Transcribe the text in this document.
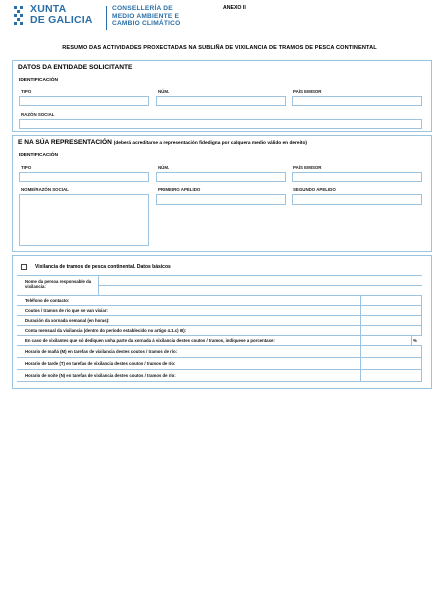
XUNTA
DE GALICIA
CONSELLERÍA DE
MEDIO AMBIENTE E
CAMBIO CLIMÁTICO
ANEXO II
RESUMO DAS ACTIVIDADES PROXECTADAS NA SUBLIÑA DE VIXILANCIA DE TRAMOS DE PESCA CONTINENTAL
DATOS DA ENTIDADE SOLICITANTE
IDENTIFICACIÓN
TIPO	NÚM.	PAÍS EMISOR
RAZÓN SOCIAL
E NA SÚA REPRESENTACIÓN (deberá acreditarse a representación fidedigna por calquera medio válido en dereito)
IDENTIFICACIÓN
TIPO	NÚM.	PAÍS EMISOR
NOME/RAZÓN SOCIAL	PRIMEIRO APELIDO	SEGUNDO APELIDO
Vixilancia de tramos de pesca continental. Datos básicos
Nome da persoa responsable da vixilancia:
Teléfono de contacto:
Coutos / tramos de río que se van vixiar:
Duración da xornada semanal (en horas):
Conta mensual da vixilancia (dentro do período establecido no artigo 4.1.c) III):
En caso de vixilantes que só dediquen unha parte da xornada á vixilancia destes coutos / tramos, indíquese a porcentaxe:	%
Horario de mañá (M) en tarefas de vixilancia destes coutos / tramos de río:
Horario de tarde (T) en tarefas de vixilancia destes coutos / tramos de río:
Horario de noite (N) en tarefas de vixilancia destes coutos / tramos de río:
